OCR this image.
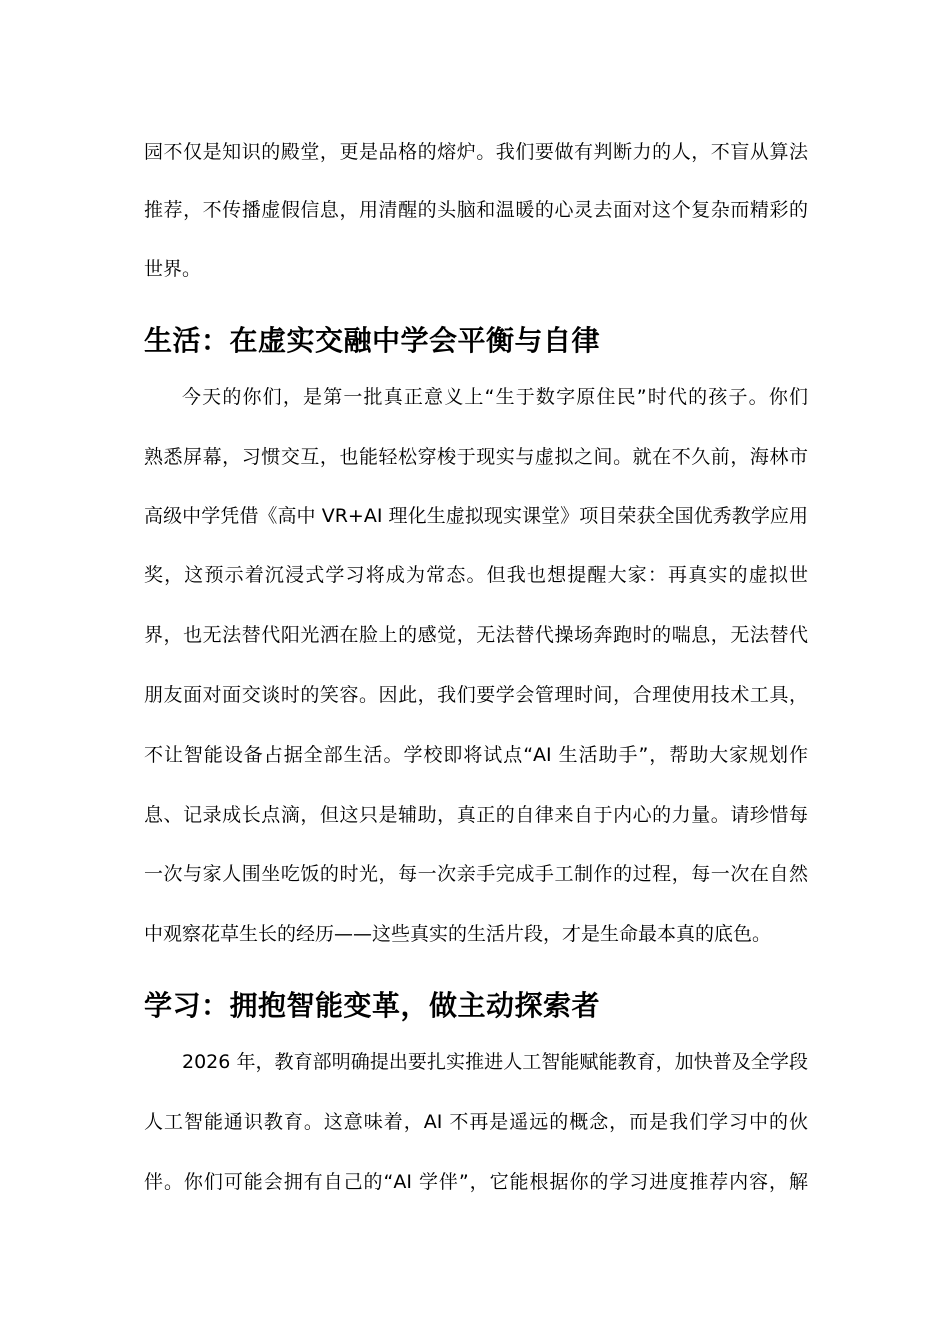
园不仅是知识的殿堂，更是品格的熔炉。我们要做有判断力的人，不盲从算法
推荐，不传播虚假信息，用清醒的头脑和温暖的心灵去面对这个复杂而精彩的
世界。
生活：在虚实交融中学会平衡与自律
今天的你们，是第一批真正意义上“生于数字原住民”时代的孩子。你们
熟悉屏幕，习惯交互，也能轻松穿梭于现实与虚拟之间。就在不久前，海林市
高级中学凭借《高中 VR+AI 理化生虚拟现实课堂》项目荣获全国优秀教学应用
奖，这预示着沉浸式学习将成为常态。但我也想提醒大家：再真实的虚拟世
界，也无法替代阳光洒在脸上的感觉，无法替代操场奔跑时的喘息，无法替代
朋友面对面交谈时的笑容。因此，我们要学会管理时间，合理使用技术工具，
不让智能设备占据全部生活。学校即将试点“AI 生活助手”，帮助大家规划作
息、记录成长点滴，但这只是辅助，真正的自律来自于内心的力量。请珍惜每
一次与家人围坐吃饭的时光，每一次亲手完成手工制作的过程，每一次在自然
中观察花草生长的经历——这些真实的生活片段，才是生命最本真的底色。
学习：拥抱智能变革，做主动探索者
2026 年，教育部明确提出要扎实推进人工智能赋能教育，加快普及全学段
人工智能通识教育。这意味着，AI 不再是遥远的概念，而是我们学习中的伙
伴。你们可能会拥有自己的“AI 学伴”，它能根据你的学习进度推荐内容，解
